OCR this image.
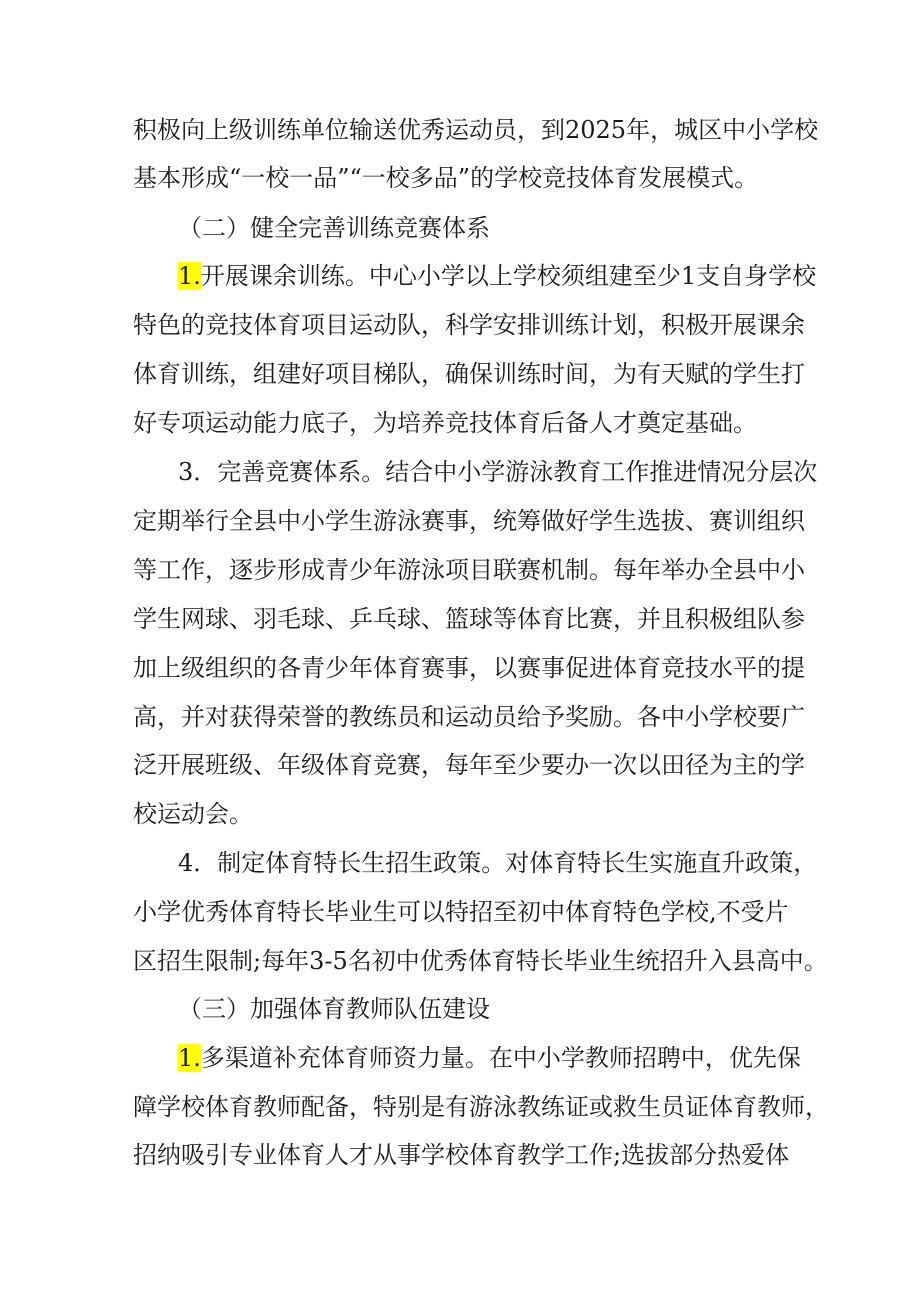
积极向上级训练单位输送优秀运动员，到2025年，城区中小学校
基本形成“一校一品”“一校多品”的学校竞技体育发展模式。
（二）健全完善训练竞赛体系
1.开展课余训练。中心小学以上学校须组建至少1支自身学校
特色的竞技体育项目运动队，科学安排训练计划，积极开展课余
体育训练，组建好项目梯队，确保训练时间，为有天赋的学生打
好专项运动能力底子，为培养竞技体育后备人才奠定基础。
3．完善竞赛体系。结合中小学游泳教育工作推进情况分层次
定期举行全县中小学生游泳赛事，统筹做好学生选拔、赛训组织
等工作，逐步形成青少年游泳项目联赛机制。每年举办全县中小
学生网球、羽毛球、乒乓球、篮球等体育比赛，并且积极组队参
加上级组织的各青少年体育赛事，以赛事促进体育竞技水平的提
高，并对获得荣誉的教练员和运动员给予奖励。各中小学校要广
泛开展班级、年级体育竞赛，每年至少要办一次以田径为主的学
校运动会。
4．制定体育特长生招生政策。对体育特长生实施直升政策，
小学优秀体育特长毕业生可以特招至初中体育特色学校,不受片
区招生限制;每年3-5名初中优秀体育特长毕业生统招升入县高中。
（三）加强体育教师队伍建设
1.多渠道补充体育师资力量。在中小学教师招聘中，优先保
障学校体育教师配备，特别是有游泳教练证或救生员证体育教师，
招纳吸引专业体育人才从事学校体育教学工作;选拔部分热爱体
